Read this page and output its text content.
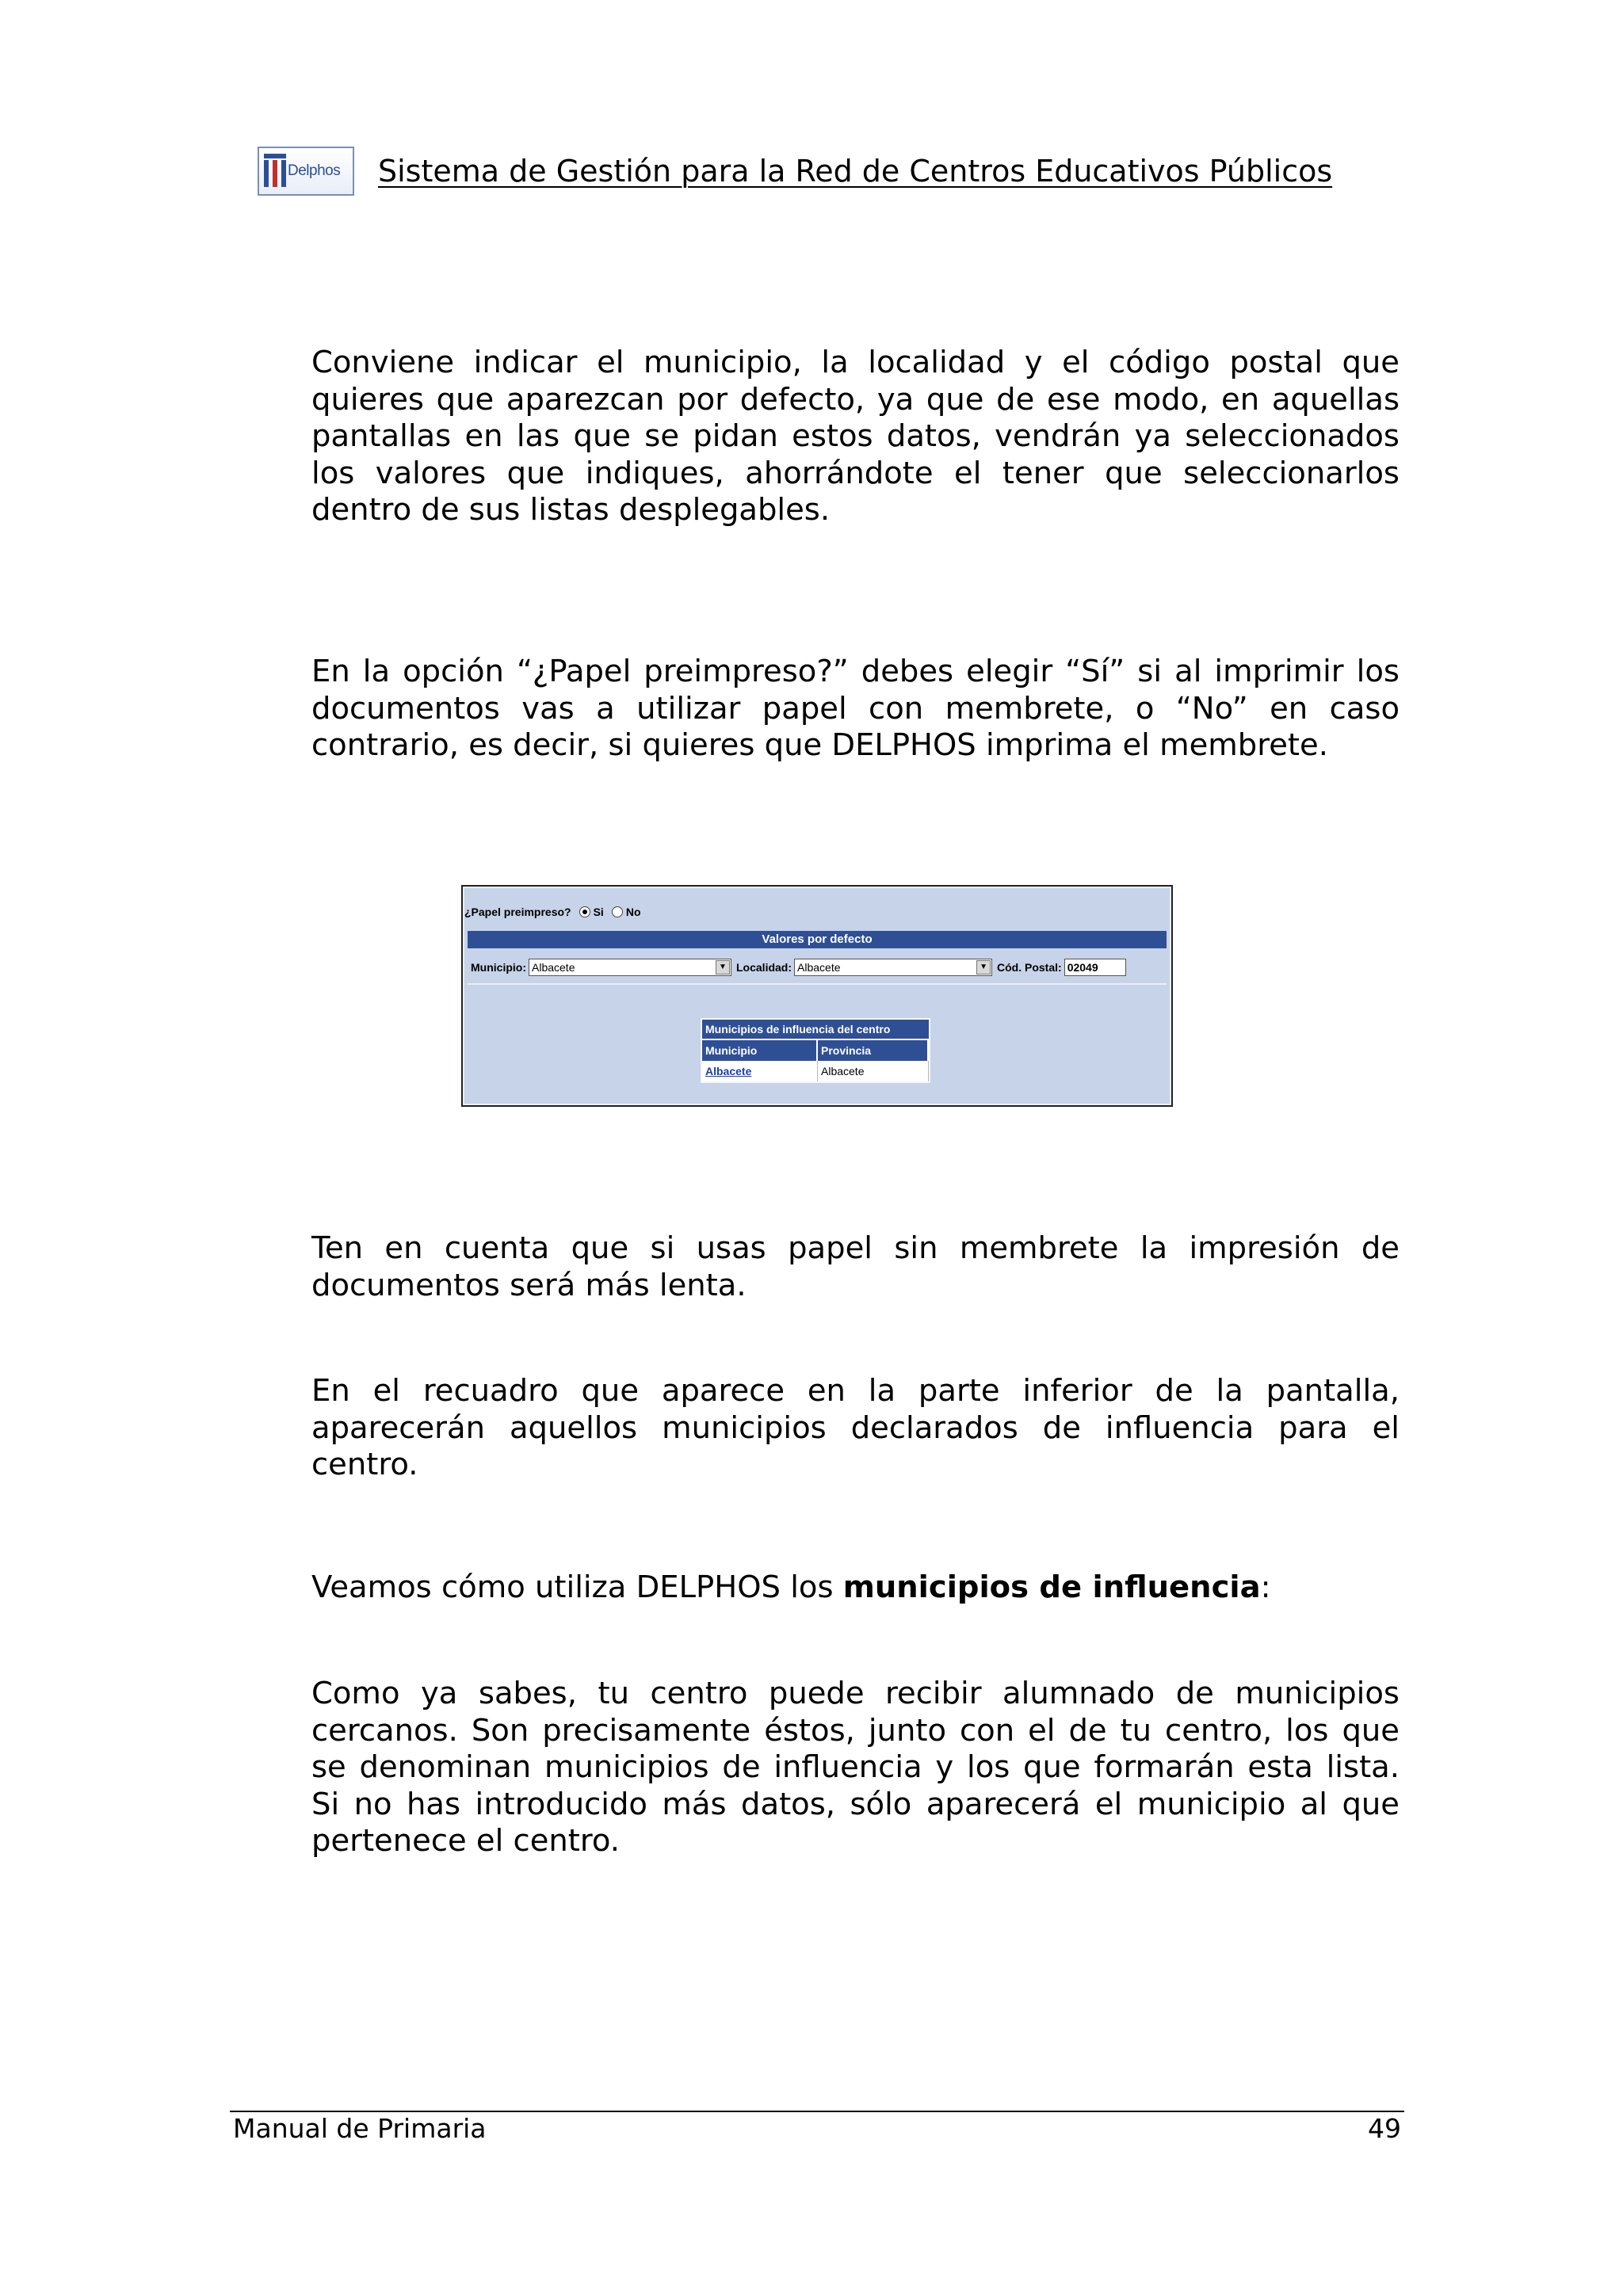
Delphos Sistema de Gestión para la Red de Centros Educativos Públicos

Conviene indicar el municipio, la localidad y el código postal que quieres que aparezcan por defecto, ya que de ese modo, en aquellas pantallas en las que se pidan estos datos, vendrán ya seleccionados los valores que indiques, ahorrándote el tener que seleccionarlos dentro de sus listas desplegables.

En la opción “¿Papel preimpreso?” debes elegir “Sí” si al imprimir los documentos vas a utilizar papel con membrete, o “No” en caso contrario, es decir, si quieres que DELPHOS imprima el membrete.

¿Papel preimpreso? Si No
Valores por defecto
Municipio: Albacete	▼ Localidad: Albacete	▼ Cód. Postal: 02049
Municipios de influencia del centro
Municipio	Provincia
Albacete	Albacete

Ten en cuenta que si usas papel sin membrete la impresión de documentos será más lenta.

En el recuadro que aparece en la parte inferior de la pantalla, aparecerán aquellos municipios declarados de influencia para el centro.

Veamos cómo utiliza DELPHOS los municipios de influencia:

Como ya sabes, tu centro puede recibir alumnado de municipios cercanos. Son precisamente éstos, junto con el de tu centro, los que se denominan municipios de influencia y los que formarán esta lista. Si no has introducido más datos, sólo aparecerá el municipio al que pertenece el centro.

Manual de Primaria	49
